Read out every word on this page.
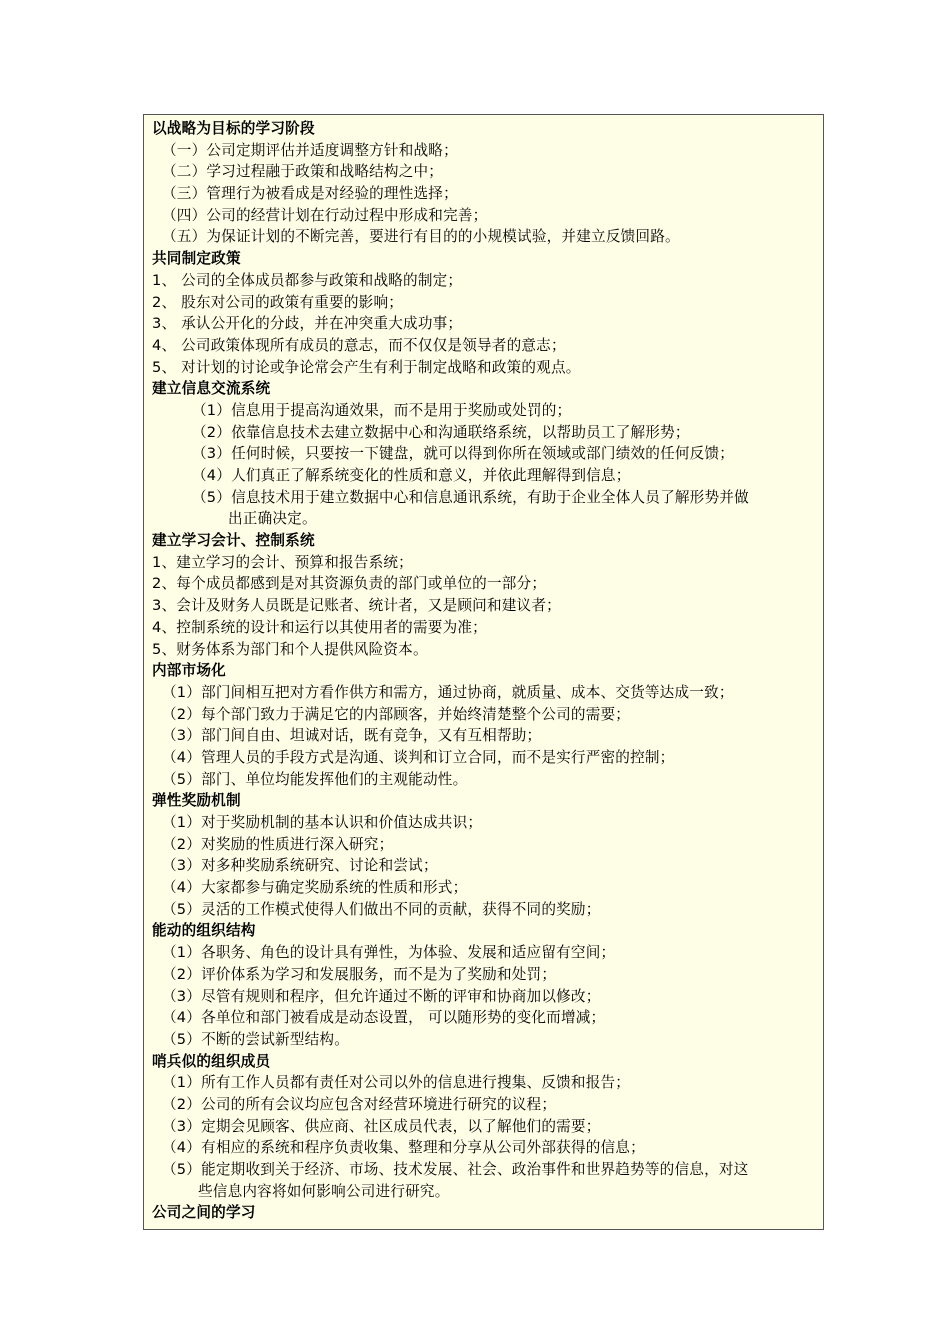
以战略为目标的学习阶段
（一）公司定期评估并适度调整方针和战略；
（二）学习过程融于政策和战略结构之中；
（三）管理行为被看成是对经验的理性选择；
（四）公司的经营计划在行动过程中形成和完善；
（五）为保证计划的不断完善，要进行有目的的小规模试验，并建立反馈回路。
共同制定政策
1、 公司的全体成员都参与政策和战略的制定；
2、 股东对公司的政策有重要的影响；
3、 承认公开化的分歧，并在冲突重大成功事；
4、 公司政策体现所有成员的意志，而不仅仅是领导者的意志；
5、 对计划的讨论或争论常会产生有利于制定战略和政策的观点。
建立信息交流系统
（1）信息用于提高沟通效果，而不是用于奖励或处罚的；
（2）依靠信息技术去建立数据中心和沟通联络系统，以帮助员工了解形势；
（3）任何时候，只要按一下键盘，就可以得到你所在领域或部门绩效的任何反馈；
（4）人们真正了解系统变化的性质和意义，并依此理解得到信息；
（5）信息技术用于建立数据中心和信息通讯系统，有助于企业全体人员了解形势并做
出正确决定。
建立学习会计、控制系统
1、建立学习的会计、预算和报告系统；
2、每个成员都感到是对其资源负责的部门或单位的一部分；
3、会计及财务人员既是记账者、统计者，又是顾问和建议者；
4、控制系统的设计和运行以其使用者的需要为准；
5、财务体系为部门和个人提供风险资本。
内部市场化
（1）部门间相互把对方看作供方和需方，通过协商，就质量、成本、交货等达成一致；
（2）每个部门致力于满足它的内部顾客，并始终清楚整个公司的需要；
（3）部门间自由、坦诚对话，既有竞争，又有互相帮助；
（4）管理人员的手段方式是沟通、谈判和订立合同，而不是实行严密的控制；
（5）部门、单位均能发挥他们的主观能动性。
弹性奖励机制
（1）对于奖励机制的基本认识和价值达成共识；
（2）对奖励的性质进行深入研究；
（3）对多种奖励系统研究、讨论和尝试；
（4）大家都参与确定奖励系统的性质和形式；
（5）灵活的工作模式使得人们做出不同的贡献，获得不同的奖励；
能动的组织结构
（1）各职务、角色的设计具有弹性，为体验、发展和适应留有空间；
（2）评价体系为学习和发展服务，而不是为了奖励和处罚；
（3）尽管有规则和程序，但允许通过不断的评审和协商加以修改；
（4）各单位和部门被看成是动态设置， 可以随形势的变化而增减；
（5）不断的尝试新型结构。
哨兵似的组织成员
（1）所有工作人员都有责任对公司以外的信息进行搜集、反馈和报告；
（2）公司的所有会议均应包含对经营环境进行研究的议程；
（3）定期会见顾客、供应商、社区成员代表，以了解他们的需要；
（4）有相应的系统和程序负责收集、整理和分享从公司外部获得的信息；
（5）能定期收到关于经济、市场、技术发展、社会、政治事件和世界趋势等的信息，对这
些信息内容将如何影响公司进行研究。
公司之间的学习
